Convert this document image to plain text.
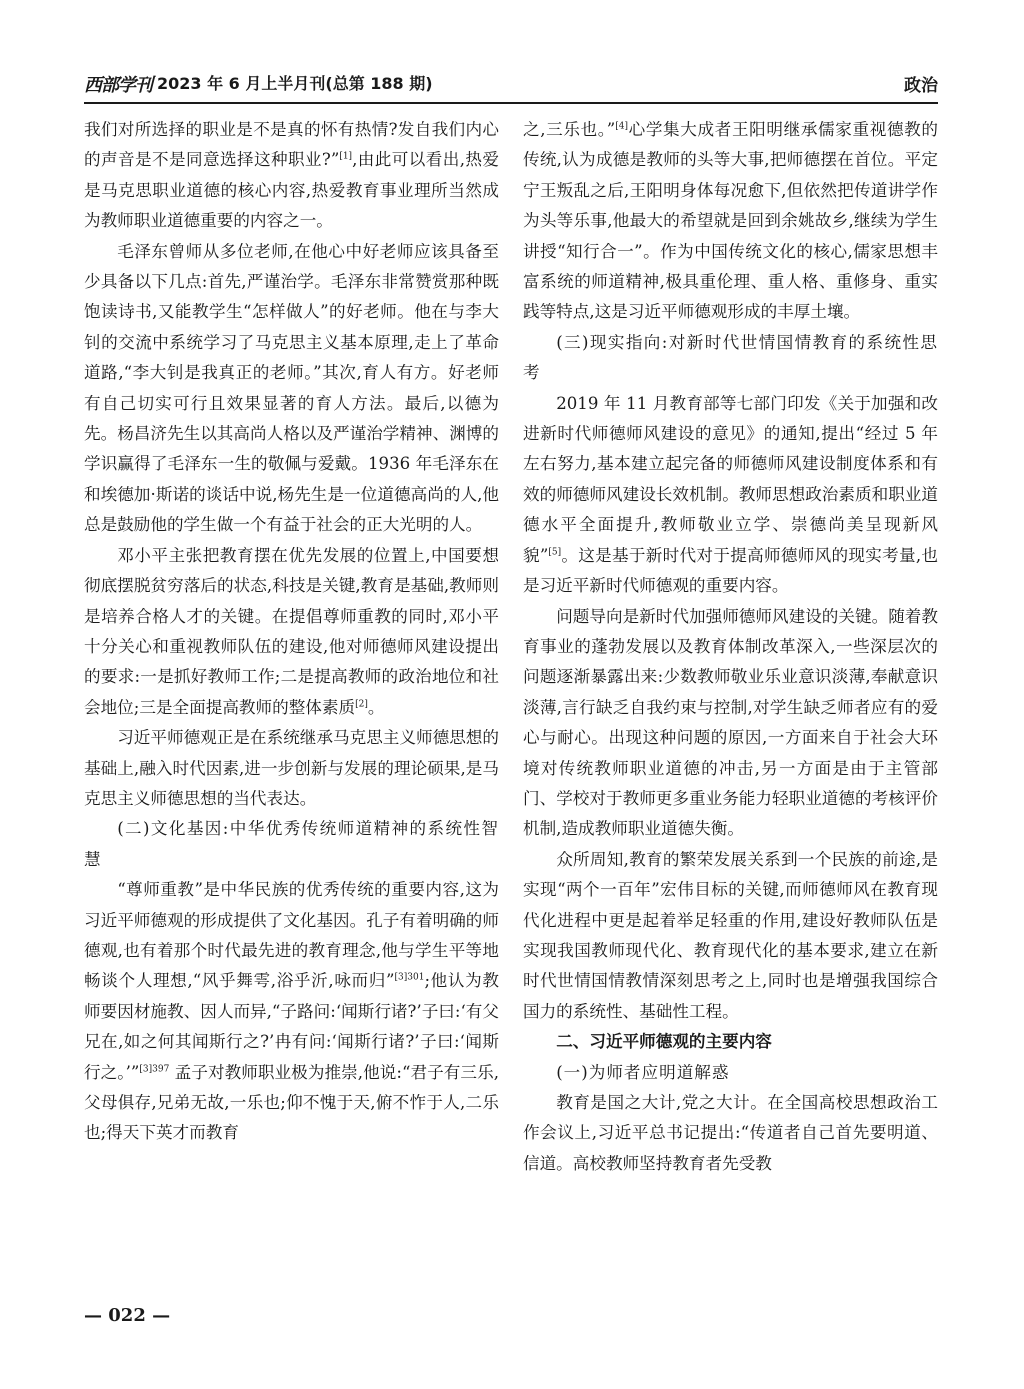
西部学刊 2023 年 6 月上半月刊(总第 188 期)	政治

我们对所选择的职业是不是真的怀有热情?发自我们内心的声音是不是同意选择这种职业?”[1],由此可以看出,热爱是马克思职业道德的核心内容,热爱教育事业理所当然成为教师职业道德重要的内容之一。

毛泽东曾师从多位老师,在他心中好老师应该具备至少具备以下几点:首先,严谨治学。毛泽东非常赞赏那种既饱读诗书,又能教学生“怎样做人”的好老师。他在与李大钊的交流中系统学习了马克思主义基本原理,走上了革命道路,“李大钊是我真正的老师。”其次,育人有方。好老师有自己切实可行且效果显著的育人方法。最后,以德为先。杨昌济先生以其高尚人格以及严谨治学精神、渊博的学识赢得了毛泽东一生的敬佩与爱戴。1936 年毛泽东在和埃德加·斯诺的谈话中说,杨先生是一位道德高尚的人,他总是鼓励他的学生做一个有益于社会的正大光明的人。

邓小平主张把教育摆在优先发展的位置上,中国要想彻底摆脱贫穷落后的状态,科技是关键,教育是基础,教师则是培养合格人才的关键。在提倡尊师重教的同时,邓小平十分关心和重视教师队伍的建设,他对师德师风建设提出的要求:一是抓好教师工作;二是提高教师的政治地位和社会地位;三是全面提高教师的整体素质[2]。

习近平师德观正是在系统继承马克思主义师德思想的基础上,融入时代因素,进一步创新与发展的理论硕果,是马克思主义师德思想的当代表达。

(二)文化基因:中华优秀传统师道精神的系统性智慧

“尊师重教”是中华民族的优秀传统的重要内容,这为习近平师德观的形成提供了文化基因。孔子有着明确的师德观,也有着那个时代最先进的教育理念,他与学生平等地畅谈个人理想,“风乎舞雩,浴乎沂,咏而归”$^{[3]301}$;他认为教师要因材施教、因人而异,“子路问:‘闻斯行诸?’子曰:‘有父兄在,如之何其闻斯行之?’冉有问:‘闻斯行诸?’子曰:‘闻斯行之。’”$^{[3]397}$ 孟子对教师职业极为推崇,他说:“君子有三乐,父母俱存,兄弟无故,一乐也;仰不愧于天,俯不怍于人,二乐也;得天下英才而教育

之,三乐也。”[4]心学集大成者王阳明继承儒家重视德教的传统,认为成德是教师的头等大事,把师德摆在首位。平定宁王叛乱之后,王阳明身体每况愈下,但依然把传道讲学作为头等乐事,他最大的希望就是回到余姚故乡,继续为学生讲授“知行合一”。作为中国传统文化的核心,儒家思想丰富系统的师道精神,极具重伦理、重人格、重修身、重实践等特点,这是习近平师德观形成的丰厚土壤。

(三)现实指向:对新时代世情国情教育的系统性思考

2019 年 11 月教育部等七部门印发《关于加强和改进新时代师德师风建设的意见》的通知,提出“经过 5 年左右努力,基本建立起完备的师德师风建设制度体系和有效的师德师风建设长效机制。教师思想政治素质和职业道德水平全面提升,教师敬业立学、崇德尚美呈现新风貌”[5]。这是基于新时代对于提高师德师风的现实考量,也是习近平新时代师德观的重要内容。

问题导向是新时代加强师德师风建设的关键。随着教育事业的蓬勃发展以及教育体制改革深入,一些深层次的问题逐渐暴露出来:少数教师敬业乐业意识淡薄,奉献意识淡薄,言行缺乏自我约束与控制,对学生缺乏师者应有的爱心与耐心。出现这种问题的原因,一方面来自于社会大环境对传统教师职业道德的冲击,另一方面是由于主管部门、学校对于教师更多重业务能力轻职业道德的考核评价机制,造成教师职业道德失衡。

众所周知,教育的繁荣发展关系到一个民族的前途,是实现“两个一百年”宏伟目标的关键,而师德师风在教育现代化进程中更是起着举足轻重的作用,建设好教师队伍是实现我国教师现代化、教育现代化的基本要求,建立在新时代世情国情教情深刻思考之上,同时也是增强我国综合国力的系统性、基础性工程。

二、习近平师德观的主要内容

(一)为师者应明道解惑

教育是国之大计,党之大计。在全国高校思想政治工作会议上,习近平总书记提出:“传道者自己首先要明道、信道。高校教师坚持教育者先受教

— 022 —
